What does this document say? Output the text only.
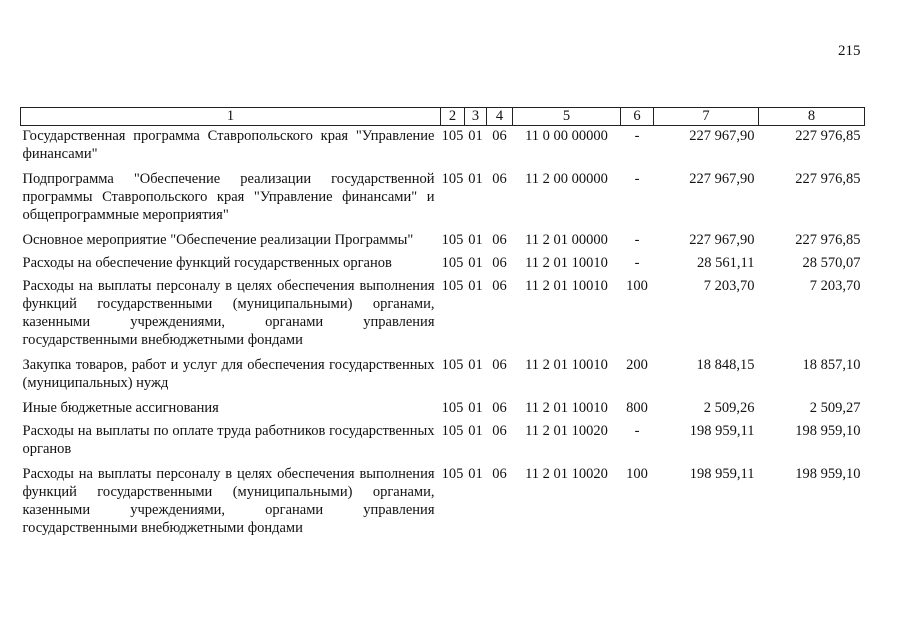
215
1	2	3	4	5	6	7	8
Государственная программа Ставропольского края "Управление финансами"	105	01	06	11 0 00 00000	-	227 967,90	227 976,85
Подпрограмма "Обеспечение реализации государственной программы Ставропольского края "Управление финансами" и общепрограммные мероприятия"	105	01	06	11 2 00 00000	-	227 967,90	227 976,85
Основное мероприятие "Обеспечение реализации Программы"	105	01	06	11 2 01 00000	-	227 967,90	227 976,85
Расходы на обеспечение функций государственных органов	105	01	06	11 2 01 10010	-	28 561,11	28 570,07
Расходы на выплаты персоналу в целях обеспечения выполнения функций государственными (муниципальными) органами, казенными учреждениями, органами управления государственными внебюджетными фондами	105	01	06	11 2 01 10010	100	7 203,70	7 203,70
Закупка товаров, работ и услуг для обеспечения государственных (муниципальных) нужд	105	01	06	11 2 01 10010	200	18 848,15	18 857,10
Иные бюджетные ассигнования	105	01	06	11 2 01 10010	800	2 509,26	2 509,27
Расходы на выплаты по оплате труда работников государственных органов	105	01	06	11 2 01 10020	-	198 959,11	198 959,10
Расходы на выплаты персоналу в целях обеспечения выполнения функций государственными (муниципальными) органами, казенными учреждениями, органами управления государственными внебюджетными фондами	105	01	06	11 2 01 10020	100	198 959,11	198 959,10
